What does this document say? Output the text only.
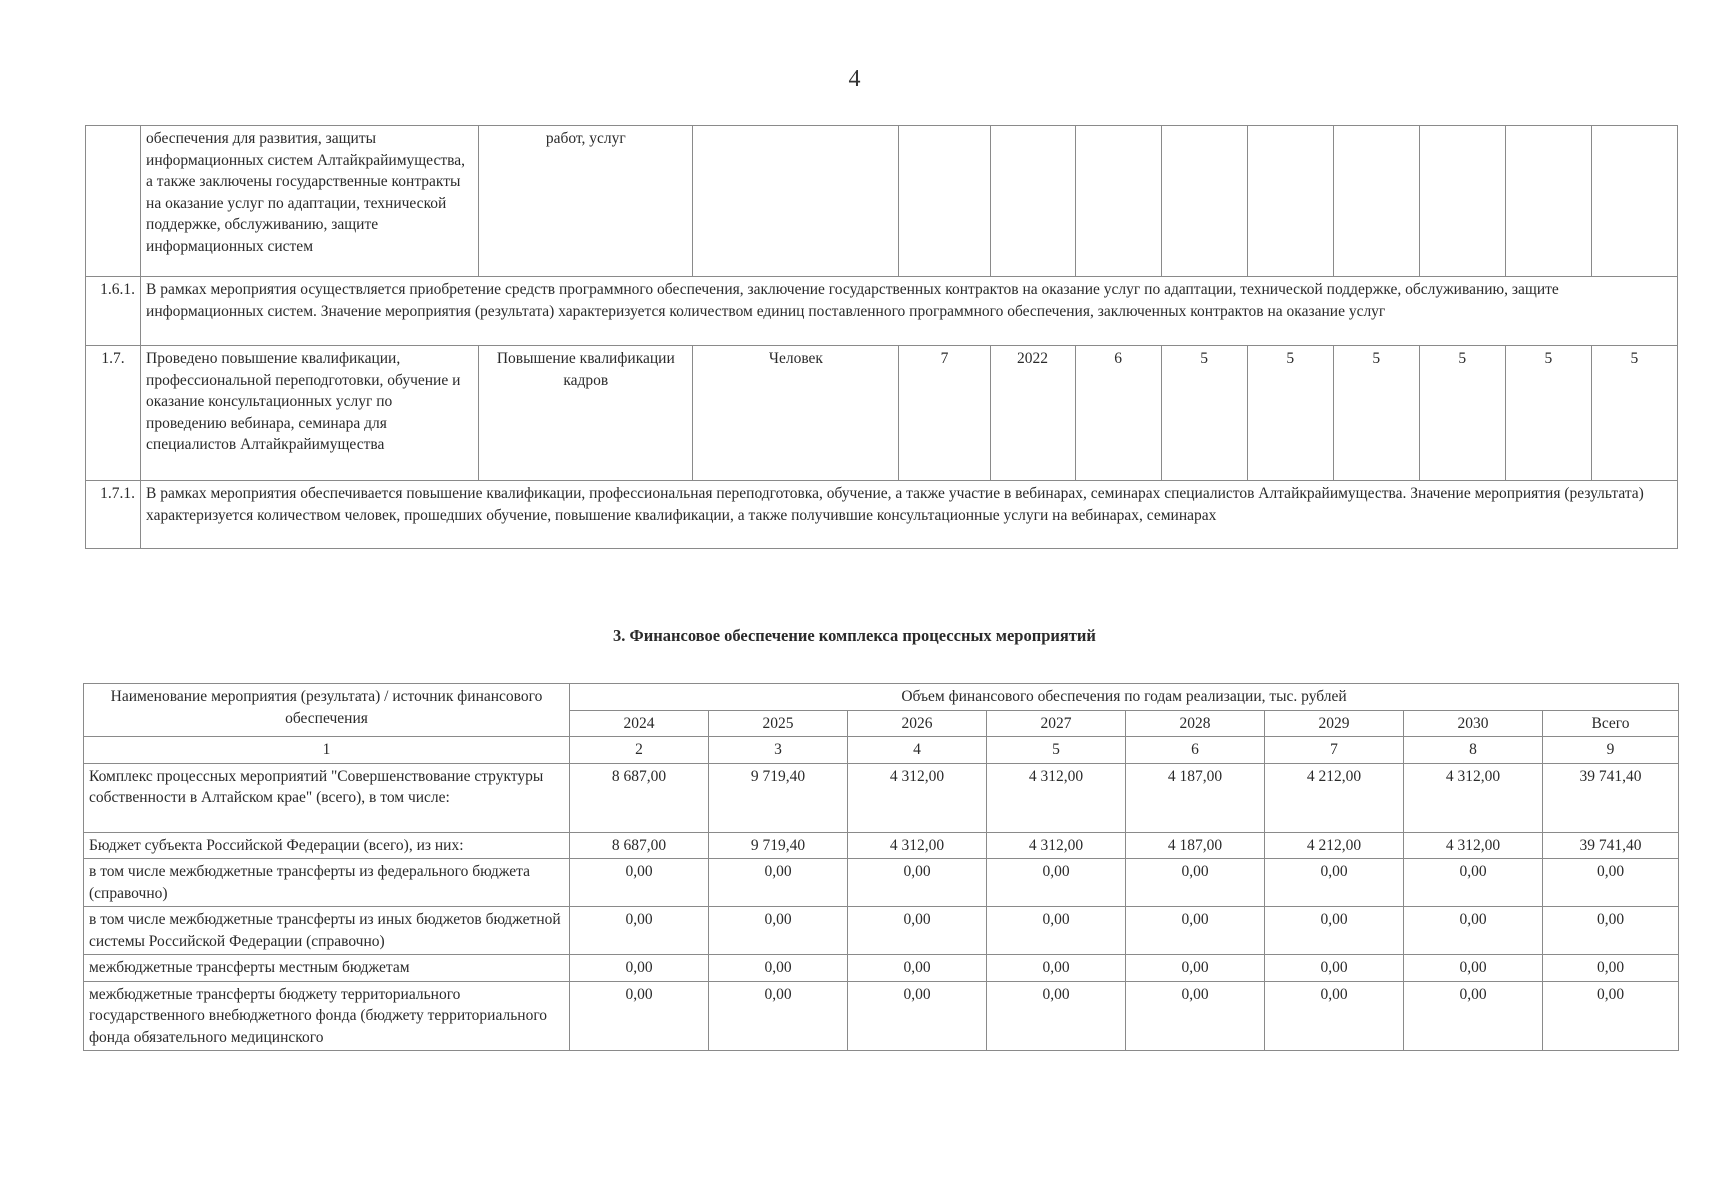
4
	обеспечения для развития, защиты информационных систем Алтайкрайимущества, а также заключены государственные контракты на оказание услуг по адаптации, технической поддержке, обслуживанию, защите информационных систем	работ, услуг										
1.6.1.	В рамках мероприятия осуществляется приобретение средств программного обеспечения, заключение государственных контрактов на оказание услуг по адаптации, технической поддержке, обслуживанию, защите информационных систем. Значение мероприятия (результата) характеризуется количеством единиц поставленного программного обеспечения, заключенных контрактов на оказание услуг											
1.7.	Проведено повышение квалификации, профессиональной переподготовки, обучение и оказание консультационных услуг по проведению вебинара, семинара для специалистов Алтайкрайимущества	Повышение квалификации кадров	Человек	7	2022	6	5	5	5	5	5	5
1.7.1.	В рамках мероприятия обеспечивается повышение квалификации, профессиональная переподготовка, обучение, а также участие в вебинарах, семинарах специалистов Алтайкрайимущества. Значение мероприятия (результата) характеризуется количеством человек, прошедших обучение, повышение квалификации, а также получившие консультационные услуги на вебинарах, семинарах											
3. Финансовое обеспечение комплекса процессных мероприятий
Наименование мероприятия (результата) / источник финансового обеспечения	Объем финансового обеспечения по годам реализации, тыс. рублей							
	2024	2025	2026	2027	2028	2029	2030	Всего
1	2	3	4	5	6	7	8	9
Комплекс процессных мероприятий "Совершенствование структуры собственности в Алтайском крае" (всего), в том числе:	8 687,00	9 719,40	4 312,00	4 312,00	4 187,00	4 212,00	4 312,00	39 741,40
Бюджет субъекта Российской Федерации (всего), из них:	8 687,00	9 719,40	4 312,00	4 312,00	4 187,00	4 212,00	4 312,00	39 741,40
в том числе межбюджетные трансферты из федерального бюджета (справочно)	0,00	0,00	0,00	0,00	0,00	0,00	0,00	0,00
в том числе межбюджетные трансферты из иных бюджетов бюджетной системы Российской Федерации (справочно)	0,00	0,00	0,00	0,00	0,00	0,00	0,00	0,00
межбюджетные трансферты местным бюджетам	0,00	0,00	0,00	0,00	0,00	0,00	0,00	0,00
межбюджетные трансферты бюджету территориального государственного внебюджетного фонда (бюджету территориального фонда обязательного медицинского	0,00	0,00	0,00	0,00	0,00	0,00	0,00	0,00
